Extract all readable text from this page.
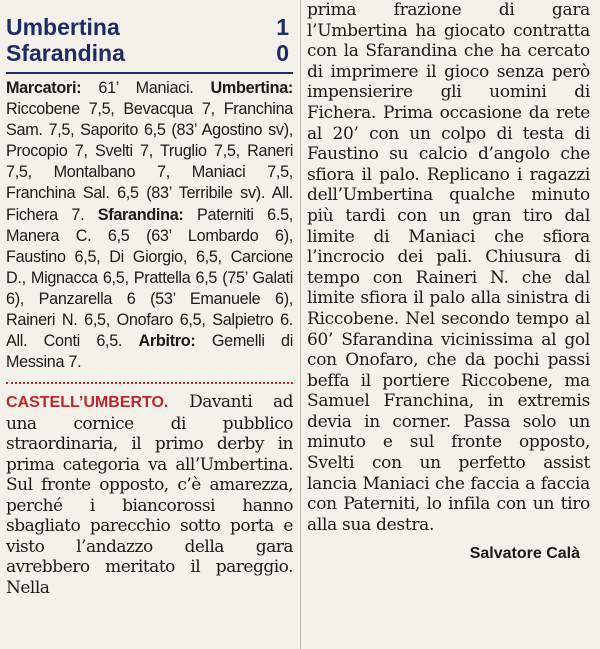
Umbertina	1
Sfarandina	0

Marcatori: 61’ Maniaci. Umbertina: Riccobene 7,5, Bevacqua 7, Franchina Sam. 7,5, Saporito 6,5 (83’ Agostino sv), Procopio 7, Svelti 7, Truglio 7,5, Raneri 7,5, Montalbano 7, Maniaci 7,5, Franchina Sal. 6,5 (83’ Terribile sv). All. Fichera 7. Sfarandina: Paterniti 6.5, Manera C. 6,5 (63’ Lombardo 6), Faustino 6,5, Di Giorgio, 6,5, Carcione D., Mignacca 6,5, Prattella 6,5 (75’ Galati 6), Panzarella 6 (53’ Emanuele 6), Raineri N. 6,5, Onofaro 6,5, Salpietro 6. All. Conti 6,5. Arbitro: Gemelli di Messina 7.

CASTELL’UMBERTO. Davanti ad una cornice di pubblico straordinaria, il primo derby in prima categoria va all’Umbertina. Sul fronte opposto, c’è amarezza, perché i biancorossi hanno sbagliato parecchio sotto porta e visto l’andazzo della gara avrebbero meritato il pareggio. Nella

prima frazione di gara l’Umbertina ha giocato contratta con la Sfarandina che ha cercato di imprimere il gioco senza però impensierire gli uomini di Fichera. Prima occasione da rete al 20’ con un colpo di testa di Faustino su calcio d’angolo che sfiora il palo. Replicano i ragazzi dell’Umbertina qualche minuto più tardi con un gran tiro dal limite di Maniaci che sfiora l’incrocio dei pali. Chiusura di tempo con Raineri N. che dal limite sfiora il palo alla sinistra di Riccobene. Nel secondo tempo al 60’ Sfarandina vicinissima al gol con Onofaro, che da pochi passi beffa il portiere Riccobene, ma Samuel Franchina, in extremis devia in corner. Passa solo un minuto e sul fronte opposto, Svelti con un perfetto assist lancia Maniaci che faccia a faccia con Paterniti, lo infila con un tiro alla sua destra.

Salvatore Calà
